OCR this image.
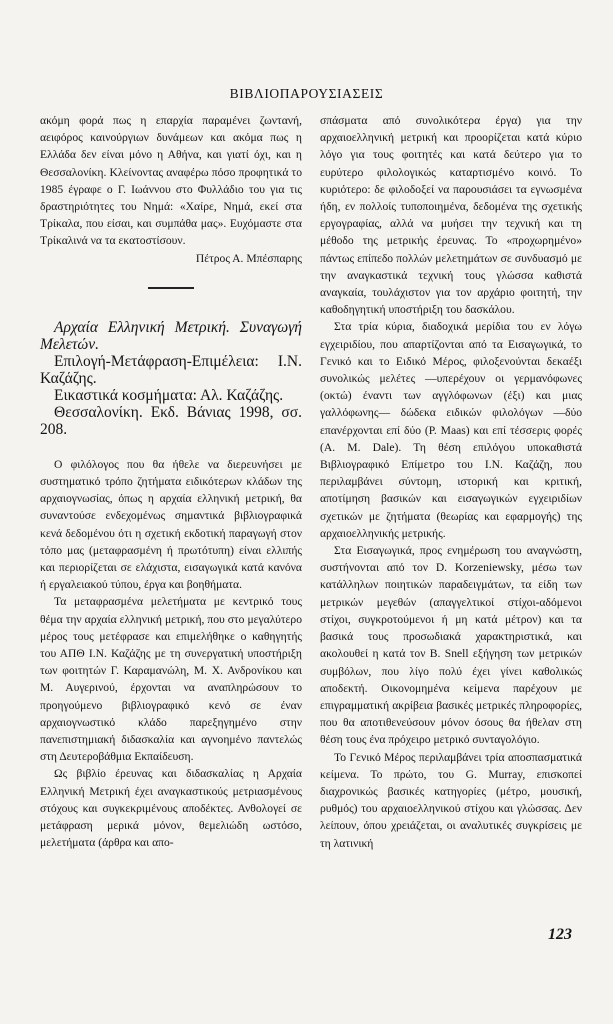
ΒΙΒΛΙΟΠΑΡΟΥΣΙΑΣΕΙΣ

ακόμη φορά πως η επαρχία παραμένει ζωντανή, αειφόρος καινούργιων δυνάμεων και ακόμα πως η Ελλάδα δεν είναι μόνο η Αθήνα, και γιατί όχι, και η Θεσσαλονίκη. Κλείνοντας αναφέρω πόσο προφητικά το 1985 έγραφε ο Γ. Ιωάννου στο Φυλλάδιο του για τις δραστηριότητες του Νημά: «Χαίρε, Νημά, εκεί στα Τρίκαλα, που είσαι, και συμπάθα μας». Ευχόμαστε στα Τρίκαλινά να τα εκατοστίσουν.

Πέτρος Α. Μπέσπαρης

Αρχαία Ελληνική Μετρική. Συναγωγή Μελετών.

Επιλογή-Μετάφραση-Επιμέλεια: Ι.Ν. Καζάζης.

Εικαστικά κοσμήματα: Αλ. Καζάζης.

Θεσσαλονίκη. Εκδ. Βάνιας 1998, σσ. 208.

Ο φιλόλογος που θα ήθελε να διερευνήσει με συστηματικό τρόπο ζητήματα ειδικότερων κλάδων της αρχαιογνωσίας, όπως η αρχαία ελληνική μετρική, θα συναντούσε ενδεχομένως σημαντικά βιβλιογραφικά κενά δεδομένου ότι η σχετική εκδοτική παραγωγή στον τόπο μας (μεταφρασμένη ή πρωτότυπη) είναι ελλιπής και περιορίζεται σε ελάχιστα, εισαγωγικά κατά κανόνα ή εργαλειακού τύπου, έργα και βοηθήματα.

Τα μεταφρασμένα μελετήματα με κεντρικό τους θέμα την αρχαία ελληνική μετρική, που στο μεγαλύτερο μέρος τους μετέφρασε και επιμελήθηκε ο καθηγητής του ΑΠΘ Ι.Ν. Καζάζης με τη συνεργατική υποστήριξη των φοιτητών Γ. Καραμανώλη, Μ. Χ. Ανδρονίκου και Μ. Αυγερινού, έρχονται να αναπληρώσουν το προηγούμενο βιβλιογραφικό κενό σε έναν αρχαιογνωστικό κλάδο παρεξηγημένο στην πανεπιστημιακή διδασκαλία και αγνοημένο παντελώς στη Δευτεροβάθμια Εκπαίδευση.

Ως βιβλίο έρευνας και διδασκαλίας η Αρχαία Ελληνική Μετρική έχει αναγκαστικούς μετριασμένους στόχους και συγκεκριμένους αποδέκτες. Ανθολογεί σε μετάφραση μερικά μόνον, θεμελιώδη ωστόσο, μελετήματα (άρθρα και απο-

σπάσματα από συνολικότερα έργα) για την αρχαιοελληνική μετρική και προορίζεται κατά κύριο λόγο για τους φοιτητές και κατά δεύτερο για το ευρύτερο φιλολογικώς καταρτισμένο κοινό. Το κυριότερο: δε φιλοδοξεί να παρουσιάσει τα εγνωσμένα ήδη, εν πολλοίς τυποποιημένα, δεδομένα της σχετικής εργογραφίας, αλλά να μυήσει την τεχνική και τη μέθοδο της μετρικής έρευνας. Το «προχωρημένο» πάντως επίπεδο πολλών μελετημάτων σε συνδυασμό με την αναγκαστικά τεχνική τους γλώσσα καθιστά αναγκαία, τουλάχιστον για τον αρχάριο φοιτητή, την καθοδηγητική υποστήριξη του δασκάλου.

Στα τρία κύρια, διαδοχικά μερίδια του εν λόγω εγχειριδίου, που απαρτίζονται από τα Εισαγωγικά, το Γενικό και το Ειδικό Μέρος, φιλοξενούνται δεκαέξι συνολικώς μελέτες —υπερέχουν οι γερμανόφωνες (οκτώ) έναντι των αγγλόφωνων (έξι) και μιας γαλλόφωνης— δώδεκα ειδικών φιλολόγων —δύο επανέρχονται επί δύο (P. Maas) και επί τέσσερις φορές (A. M. Dale). Τη θέση επιλόγου υποκαθιστά Βιβλιογραφικό Επίμετρο του Ι.Ν. Καζάζη, που περιλαμβάνει σύντομη, ιστορική και κριτική, αποτίμηση βασικών και εισαγωγικών εγχειριδίων σχετικών με ζητήματα (θεωρίας και εφαρμογής) της αρχαιοελληνικής μετρικής.

Στα Εισαγωγικά, προς ενημέρωση του αναγνώστη, συστήνονται από τον D. Korzeniewsky, μέσω των κατάλληλων ποιητικών παραδειγμάτων, τα είδη των μετρικών μεγεθών (απαγγελτικοί στίχοι-αδόμενοι στίχοι, συγκροτούμενοι ή μη κατά μέτρον) και τα βασικά τους προσωδιακά χαρακτηριστικά, και ακολουθεί η κατά τον B. Snell εξήγηση των μετρικών συμβόλων, που λίγο πολύ έχει γίνει καθολικώς αποδεκτή. Οικονομημένα κείμενα παρέχουν με επιγραμματική ακρίβεια βασικές μετρικές πληροφορίες, που θα αποτιθενεύσουν μόνον όσους θα ήθελαν στη θέση τους ένα πρόχειρο μετρικό συνταγολόγιο.

Το Γενικό Μέρος περιλαμβάνει τρία αποσπασματικά κείμενα. Το πρώτο, του G. Murray, επισκοπεί διαχρονικώς βασικές κατηγορίες (μέτρο, μουσική, ρυθμός) του αρχαιοελληνικού στίχου και γλώσσας. Δεν λείπουν, όπου χρειάζεται, οι αναλυτικές συγκρίσεις με τη λατινική

123
